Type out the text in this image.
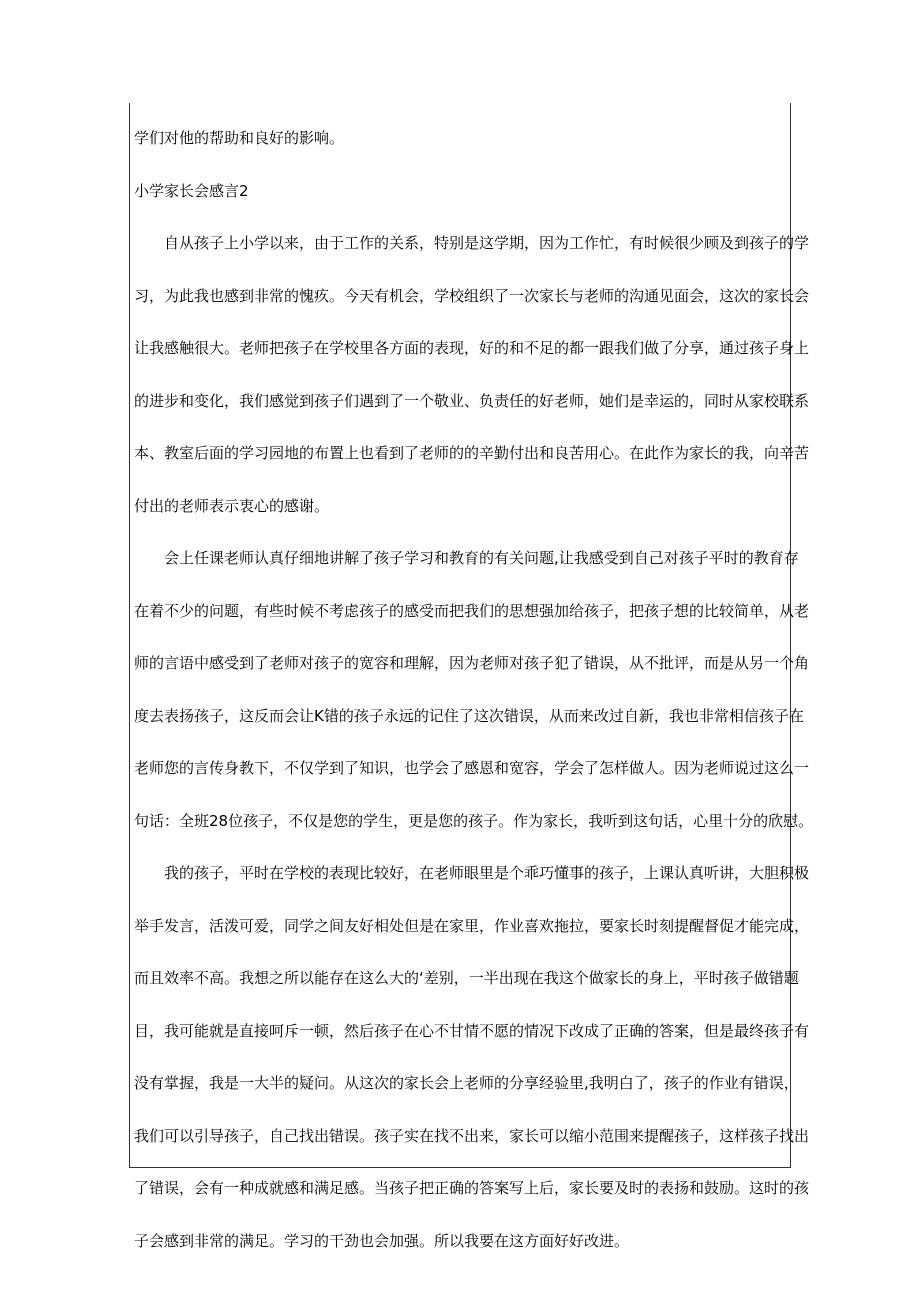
学们对他的帮助和良好的影响。
小学家长会感言2
自从孩子上小学以来，由于工作的关系，特别是这学期，因为工作忙，有时候很少顾及到孩子的学
习，为此我也感到非常的愧疚。今天有机会，学校组织了一次家长与老师的沟通见面会，这次的家长会
让我感触很大。老师把孩子在学校里各方面的表现，好的和不足的都一跟我们做了分享，通过孩子身上
的进步和变化，我们感觉到孩子们遇到了一个敬业、负责任的好老师，她们是幸运的，同时从家校联系
本、教室后面的学习园地的布置上也看到了老师的的辛勤付出和良苦用心。在此作为家长的我，向辛苦
付出的老师表示衷心的感谢。
会上任课老师认真仔细地讲解了孩子学习和教育的有关问题,让我感受到自己对孩子平时的教育存
在着不少的问题，有些时候不考虑孩子的感受而把我们的思想强加给孩子，把孩子想的比较简单，从老
师的言语中感受到了老师对孩子的宽容和理解，因为老师对孩子犯了错误，从不批评，而是从另一个角
度去表扬孩子，这反而会让K错的孩子永远的记住了这次错误，从而来改过自新，我也非常相信孩子在
老师您的言传身教下，不仅学到了知识，也学会了感恩和宽容，学会了怎样做人。因为老师说过这么一
句话：全班28位孩子，不仅是您的学生，更是您的孩子。作为家长，我听到这句话，心里十分的欣慰。
我的孩子，平时在学校的表现比较好，在老师眼里是个乖巧懂事的孩子，上课认真听讲，大胆积极
举手发言，活泼可爱，同学之间友好相处但是在家里，作业喜欢拖拉，要家长时刻提醒督促才能完成，
而且效率不高。我想之所以能存在这么大的‘差别，一半出现在我这个做家长的身上，平时孩子做错题
目，我可能就是直接呵斥一顿，然后孩子在心不甘情不愿的情况下改成了正确的答案，但是最终孩子有
没有掌握，我是一大半的疑问。从这次的家长会上老师的分享经验里,我明白了，孩子的作业有错误，
我们可以引导孩子，自己找出错误。孩子实在找不出来，家长可以缩小范围来提醒孩子，这样孩子找出
了错误，会有一种成就感和满足感。当孩子把正确的答案写上后，家长要及时的表扬和鼓励。这时的孩
子会感到非常的满足。学习的干劲也会加强。所以我要在这方面好好改进。
